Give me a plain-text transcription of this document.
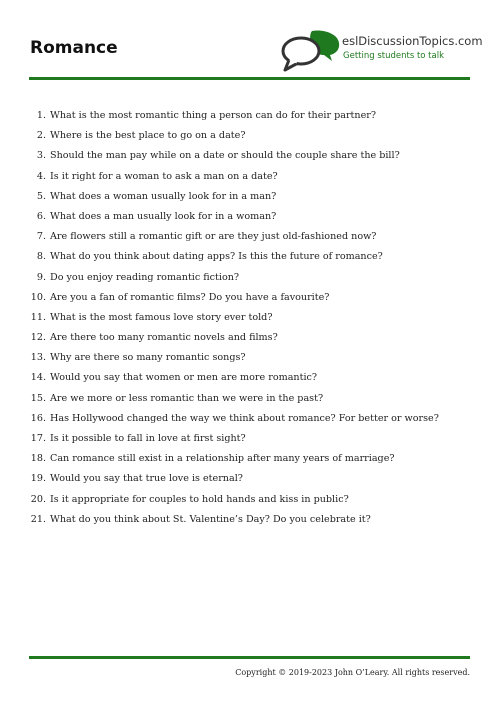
Romance	eslDiscussionTopics.com
Getting students to talk
1. What is the most romantic thing a person can do for their partner?
2. Where is the best place to go on a date?
3. Should the man pay while on a date or should the couple share the bill?
4. Is it right for a woman to ask a man on a date?
5. What does a woman usually look for in a man?
6. What does a man usually look for in a woman?
7. Are flowers still a romantic gift or are they just old-fashioned now?
8. What do you think about dating apps? Is this the future of romance?
9. Do you enjoy reading romantic fiction?
10. Are you a fan of romantic films? Do you have a favourite?
11. What is the most famous love story ever told?
12. Are there too many romantic novels and films?
13. Why are there so many romantic songs?
14. Would you say that women or men are more romantic?
15. Are we more or less romantic than we were in the past?
16. Has Hollywood changed the way we think about romance? For better or worse?
17. Is it possible to fall in love at first sight?
18. Can romance still exist in a relationship after many years of marriage?
19. Would you say that true love is eternal?
20. Is it appropriate for couples to hold hands and kiss in public?
21. What do you think about St. Valentine’s Day? Do you celebrate it?
Copyright © 2019-2023 John O’Leary. All rights reserved.
